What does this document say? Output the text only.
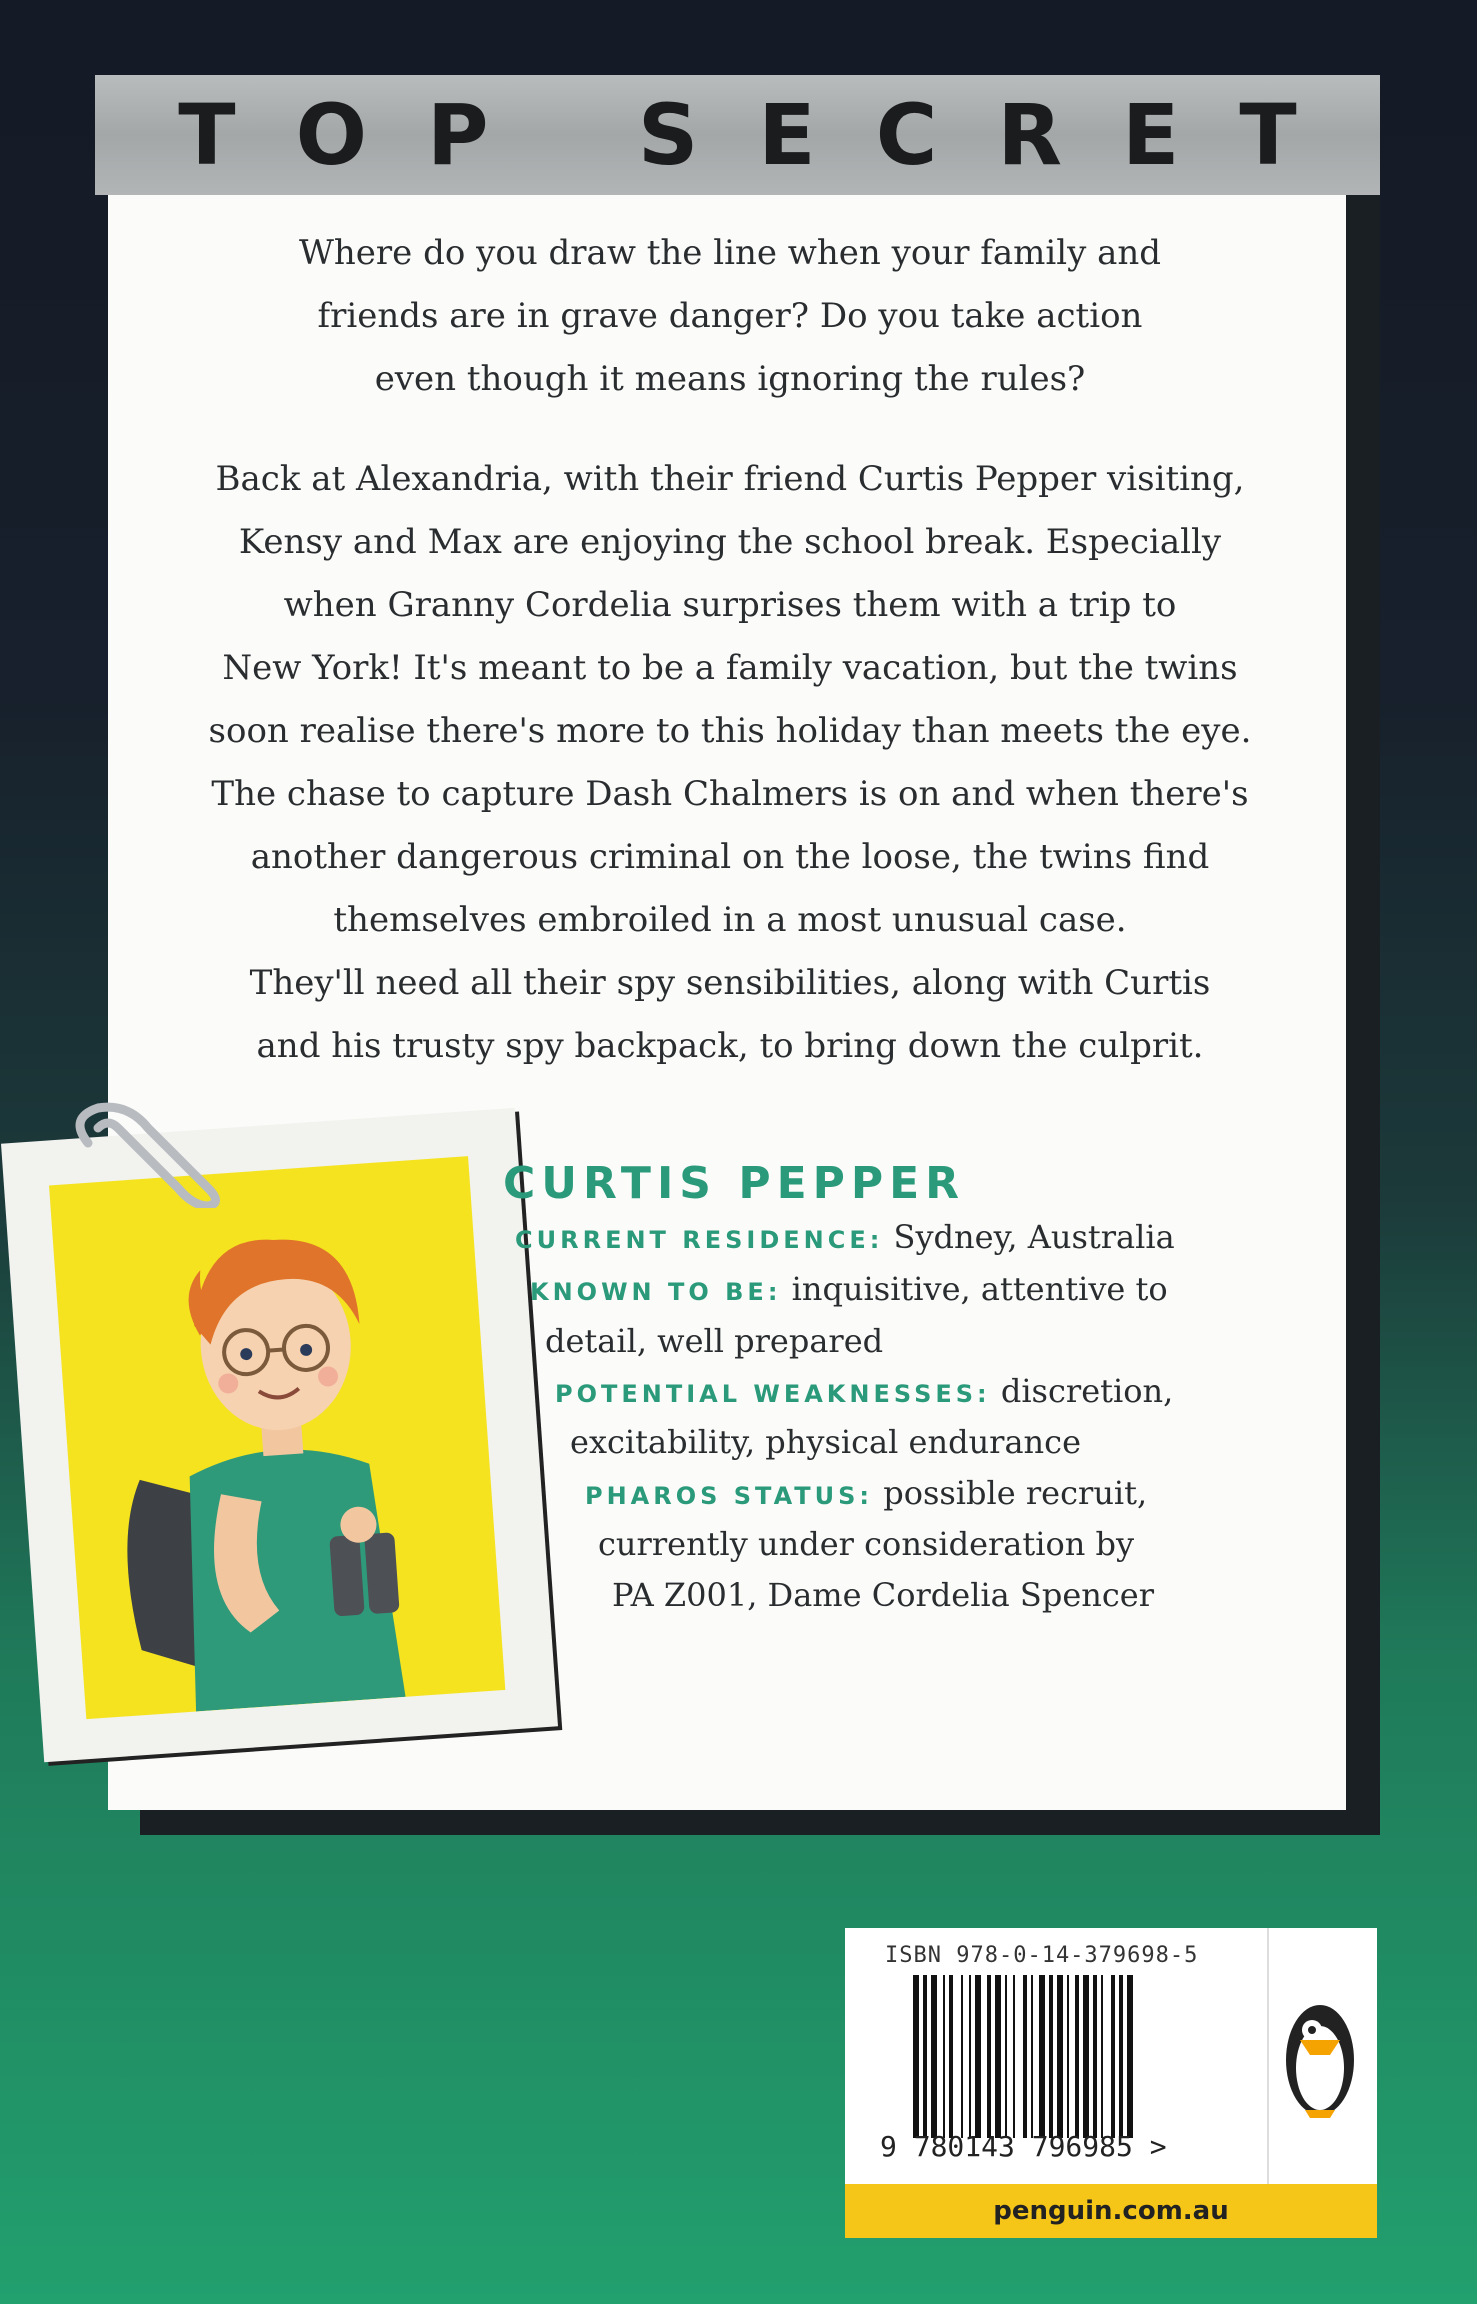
TOP SECRET
Where do you draw the line when your family and
friends are in grave danger? Do you take action
even though it means ignoring the rules?

Back at Alexandria, with their friend Curtis Pepper visiting,

Kensy and Max are enjoying the school break. Especially

when Granny Cordelia surprises them with a trip to

New York! It's meant to be a family vacation, but the twins

soon realise there's more to this holiday than meets the eye.

The chase to capture Dash Chalmers is on and when there's

another dangerous criminal on the loose, the twins find

themselves embroiled in a most unusual case.

They'll need all their spy sensibilities, along with Curtis

and his trusty spy backpack, to bring down the culprit.

CURTIS PEPPER
CURRENT RESIDENCE: Sydney, Australia
KNOWN TO BE: inquisitive, attentive to
detail, well prepared
POTENTIAL WEAKNESSES: discretion,
excitability, physical endurance
PHAROS STATUS: possible recruit,
currently under consideration by
PA Z001, Dame Cordelia Spencer
ISBN 978-0-14-379698-5
9 780143 796985 >
penguin.com.au
